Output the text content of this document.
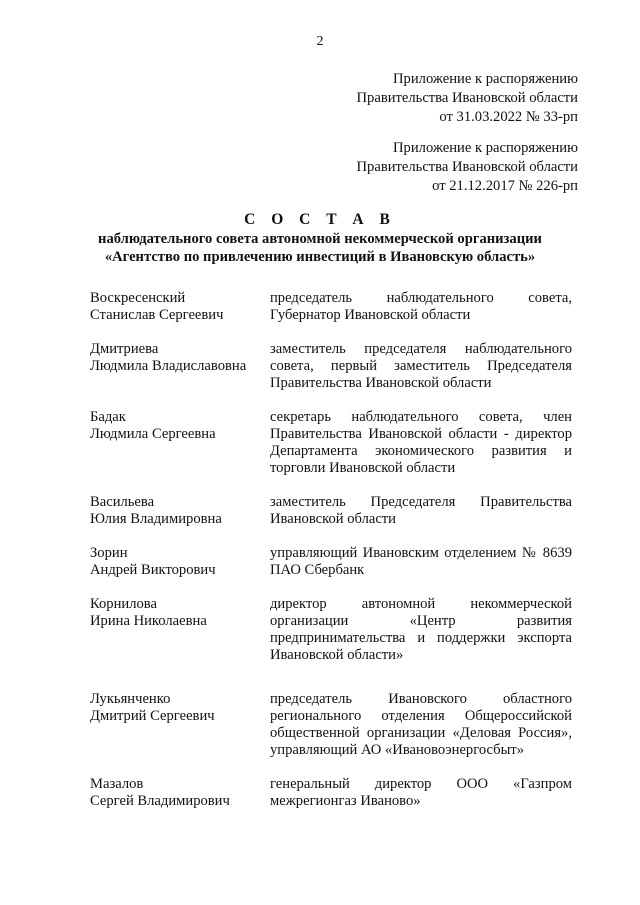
2
Приложение к распоряжению
Правительства Ивановской области
от 31.03.2022 № 33-рп
Приложение к распоряжению
Правительства Ивановской области
от 21.12.2017 № 226-рп
С О С Т А В
наблюдательного совета автономной некоммерческой организации
«Агентство по привлечению инвестиций в Ивановскую область»
Воскресенский
Станислав Сергеевич
председатель наблюдательного совета, Губернатор Ивановской области
Дмитриева
Людмила Владиславовна
заместитель председателя наблюдательного совета, первый заместитель Председателя Правительства Ивановской области
Бадак
Людмила Сергеевна
секретарь наблюдательного совета, член Правительства Ивановской области - директор Департамента экономического развития и торговли Ивановской области
Васильева
Юлия Владимировна
заместитель Председателя Правительства Ивановской области
Зорин
Андрей Викторович
управляющий Ивановским отделением № 8639 ПАО Сбербанк
Корнилова
Ирина Николаевна
директор автономной некоммерческой организации «Центр развития предпринимательства и поддержки экспорта Ивановской области»
Лукьянченко
Дмитрий Сергеевич
председатель Ивановского областного регионального отделения Общероссийской общественной организации «Деловая Россия», управляющий АО «Ивановоэнергосбыт»
Мазалов
Сергей Владимирович
генеральный директор ООО «Газпром межрегионгаз Иваново»
